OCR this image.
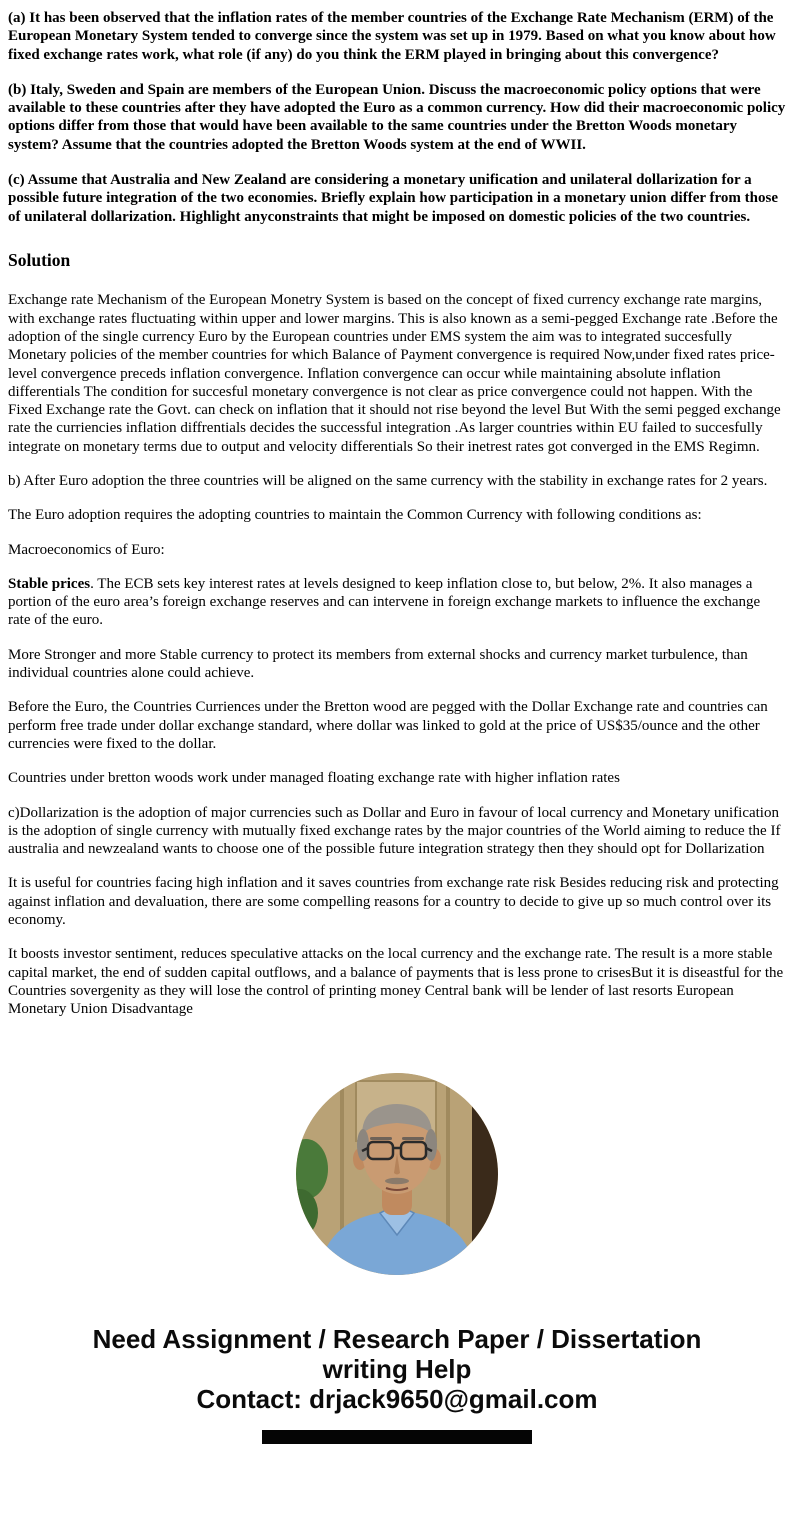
(a) It has been observed that the inflation rates of the member countries of the Exchange Rate Mechanism (ERM) of the European Monetary System tended to converge since the system was set up in 1979. Based on what you know about how fixed exchange rates work, what role (if any) do you think the ERM played in bringing about this convergence?

(b) Italy, Sweden and Spain are members of the European Union. Discuss the macroeconomic policy options that were available to these countries after they have adopted the Euro as a common currency. How did their macroeconomic policy options differ from those that would have been available to the same countries under the Bretton Woods monetary system? Assume that the countries adopted the Bretton Woods system at the end of WWII.

(c) Assume that Australia and New Zealand are considering a monetary unification and unilateral dollarization for a possible future integration of the two economies. Briefly explain how participation in a monetary union differ from those of unilateral dollarization. Highlight anyconstraints that might be imposed on domestic policies of the two countries.

Solution

Exchange rate Mechanism of the European Monetry System is based on the concept of fixed currency exchange rate margins, with exchange rates fluctuating within upper and lower margins. This is also known as a semi-pegged Exchange rate .Before the adoption of the single currency Euro by the European countries under EMS system the aim was to integrated succesfully Monetary policies of the member countries for which Balance of Payment convergence is required Now,under fixed rates price-level convergence preceds inflation convergence. Inflation convergence can occur while maintaining absolute inflation differentials The condition for succesful monetary convergence is not clear as price convergence could not happen. With the Fixed Exchange rate the Govt. can check on inflation that it should not rise beyond the level But With the semi pegged exchange rate the curriencies inflation diffrentials decides the successful integration .As larger countries within EU failed to succesfully integrate on monetary terms due to output and velocity differentials So their inetrest rates got converged in the EMS Regimn.

b) After Euro adoption the three countries will be aligned on the same currency with the stability in exchange rates for 2 years.

The Euro adoption requires the adopting countries to maintain the Common Currency with following conditions as:

Macroeconomics of Euro:

Stable prices. The ECB sets key interest rates at levels designed to keep inflation close to, but below, 2%. It also manages a portion of the euro area’s foreign exchange reserves and can intervene in foreign exchange markets to influence the exchange rate of the euro.

More Stronger and more Stable currency to protect its members from external shocks and currency market turbulence, than individual countries alone could achieve.

Before the Euro, the Countries Curriences under the Bretton wood are pegged with the Dollar Exchange rate and countries can perform free trade under dollar exchange standard, where dollar was linked to gold at the price of US$35/ounce and the other currencies were fixed to the dollar.

Countries under bretton woods work under managed floating exchange rate with higher inflation rates

c)Dollarization is the adoption of major currencies such as Dollar and Euro in favour of local currency and Monetary unification is the adoption of single currency with mutually fixed exchange rates by the major countries of the World aiming to reduce the If australia and newzealand wants to choose one of the possible future integration strategy then they should opt for Dollarization

It is useful for countries facing high inflation and it saves countries from exchange rate risk Besides reducing risk and protecting against inflation and devaluation, there are some compelling reasons for a country to decide to give up so much control over its economy.

It boosts investor sentiment, reduces speculative attacks on the local currency and the exchange rate. The result is a more stable capital market, the end of sudden capital outflows, and a balance of payments that is less prone to crisesBut it is diseastful for the Countries sovergenity as they will lose the control of printing money Central bank will be lender of last resorts European Monetary Union Disadvantage

Need Assignment / Research Paper / Dissertation
writing Help
Contact: drjack9650@gmail.com
